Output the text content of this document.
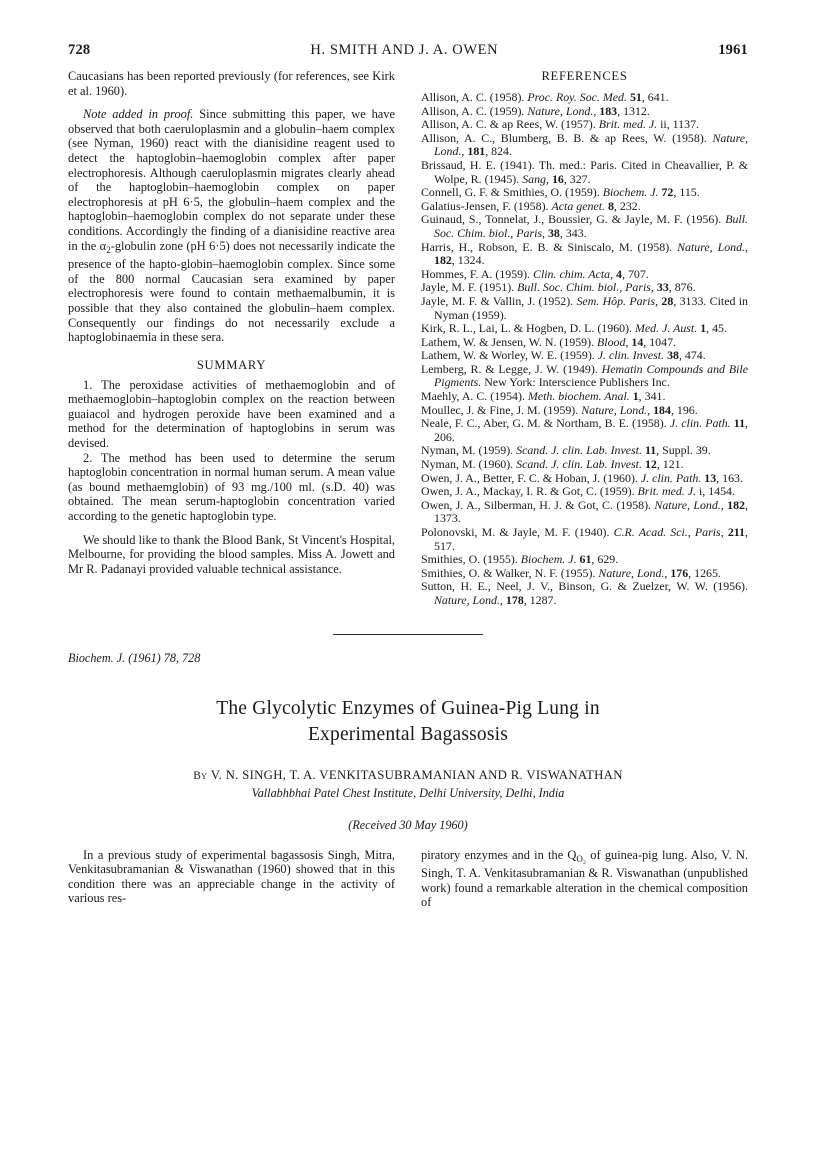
728	H. SMITH AND J. A. OWEN	1961

Caucasians has been reported previously (for references, see Kirk et al. 1960).

Note added in proof. Since submitting this paper, we have observed that both caeruloplasmin and a globulin–haem complex (see Nyman, 1960) react with the dianisidine reagent used to detect the haptoglobin–haemoglobin complex after paper electrophoresis. Although caeruloplasmin migrates clearly ahead of the haptoglobin–haemoglobin complex on paper electrophoresis at pH 6·5, the globulin–haem complex and the haptoglobin–haemoglobin complex do not separate under these conditions. Accordingly the finding of a dianisidine reactive area in the $\alpha_2$-globulin zone (pH 6·5) does not necessarily indicate the presence of the hapto-globin–haemoglobin complex. Since some of the 800 normal Caucasian sera examined by paper electrophoresis were found to contain methaemalbumin, it is possible that they also contained the globulin–haem complex. Consequently our findings do not necessarily exclude a haptoglobinaemia in these sera.

SUMMARY

1. The peroxidase activities of methaemoglobin and of methaemoglobin–haptoglobin complex on the reaction between guaiacol and hydrogen peroxide have been examined and a method for the determination of haptoglobins in serum was devised.

2. The method has been used to determine the serum haptoglobin concentration in normal human serum. A mean value (as bound methaemglobin) of 93 mg./100 ml. (s.D. 40) was obtained. The mean serum-haptoglobin concentration varied according to the genetic haptoglobin type.

We should like to thank the Blood Bank, St Vincent's Hospital, Melbourne, for providing the blood samples. Miss A. Jowett and Mr R. Padanayi provided valuable technical assistance.

REFERENCES

Allison, A. C. (1958). Proc. Roy. Soc. Med. 51, 641.

Allison, A. C. (1959). Nature, Lond., 183, 1312.

Allison, A. C. & ap Rees, W. (1957). Brit. med. J. ii, 1137.

Allison, A. C., Blumberg, B. B. & ap Rees, W. (1958). Nature, Lond., 181, 824.

Brissaud, H. E. (1941). Th. med.: Paris. Cited in Cheavallier, P. & Wolpe, R. (1945). Sang, 16, 327.

Connell, G. F. & Smithies, O. (1959). Biochem. J. 72, 115.

Galatius-Jensen, F. (1958). Acta genet. 8, 232.

Guinaud, S., Tonnelat, J., Boussier, G. & Jayle, M. F. (1956). Bull. Soc. Chim. biol., Paris, 38, 343.

Harris, H., Robson, E. B. & Siniscalo, M. (1958). Nature, Lond., 182, 1324.

Hommes, F. A. (1959). Clin. chim. Acta, 4, 707.

Jayle, M. F. (1951). Bull. Soc. Chim. biol., Paris, 33, 876.

Jayle, M. F. & Vallin, J. (1952). Sem. Hôp. Paris, 28, 3133. Cited in Nyman (1959).

Kirk, R. L., Lai, L. & Hogben, D. L. (1960). Med. J. Aust. 1, 45.

Lathem, W. & Jensen, W. N. (1959). Blood, 14, 1047.

Lathem, W. & Worley, W. E. (1959). J. clin. Invest. 38, 474.

Lemberg, R. & Legge, J. W. (1949). Hematin Compounds and Bile Pigments. New York: Interscience Publishers Inc.

Maehly, A. C. (1954). Meth. biochem. Anal. 1, 341.

Moullec, J. & Fine, J. M. (1959). Nature, Lond., 184, 196.

Neale, F. C., Aber, G. M. & Northam, B. E. (1958). J. clin. Path. 11, 206.

Nyman, M. (1959). Scand. J. clin. Lab. Invest. 11, Suppl. 39.

Nyman, M. (1960). Scand. J. clin. Lab. Invest. 12, 121.

Owen, J. A., Better, F. C. & Hoban, J. (1960). J. clin. Path. 13, 163.

Owen, J. A., Mackay, I. R. & Got, C. (1959). Brit. med. J. i, 1454.

Owen, J. A., Silberman, H. J. & Got, C. (1958). Nature, Lond., 182, 1373.

Polonovski, M. & Jayle, M. F. (1940). C.R. Acad. Sci., Paris, 211, 517.

Smithies, O. (1955). Biochem. J. 61, 629.

Smithies, O. & Walker, N. F. (1955). Nature, Lond., 176, 1265.

Sutton, H. E., Neel, J. V., Binson, G. & Zuelzer, W. W. (1956). Nature, Lond., 178, 1287.

Biochem. J. (1961) 78, 728
The Glycolytic Enzymes of Guinea-Pig Lung in
Experimental Bagassosis
By V. N. SINGH, T. A. VENKITASUBRAMANIAN AND R. VISWANATHAN
Vallabhbhai Patel Chest Institute, Delhi University, Delhi, India
(Received 30 May 1960)

In a previous study of experimental bagassosis Singh, Mitra, Venkitasubramanian & Viswanathan (1960) showed that in this condition there was an appreciable change in the activity of various res-

piratory enzymes and in the $Q_{O_2}$ of guinea-pig lung. Also, V. N. Singh, T. A. Venkitasubramanian & R. Viswanathan (unpublished work) found a remarkable alteration in the chemical composition of
